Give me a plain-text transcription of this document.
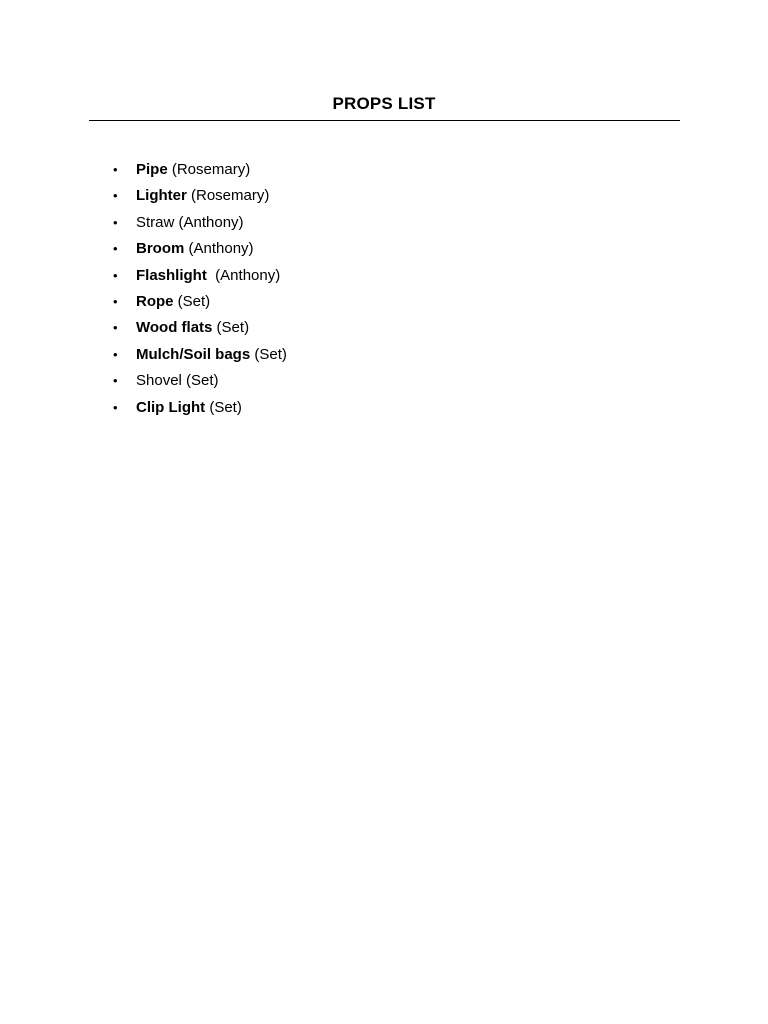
PROPS LIST
• Pipe (Rosemary)
• Lighter (Rosemary)
• Straw (Anthony)
• Broom (Anthony)
• Flashlight  (Anthony)
• Rope (Set)
• Wood flats (Set)
• Mulch/Soil bags (Set)
• Shovel (Set)
• Clip Light (Set)
